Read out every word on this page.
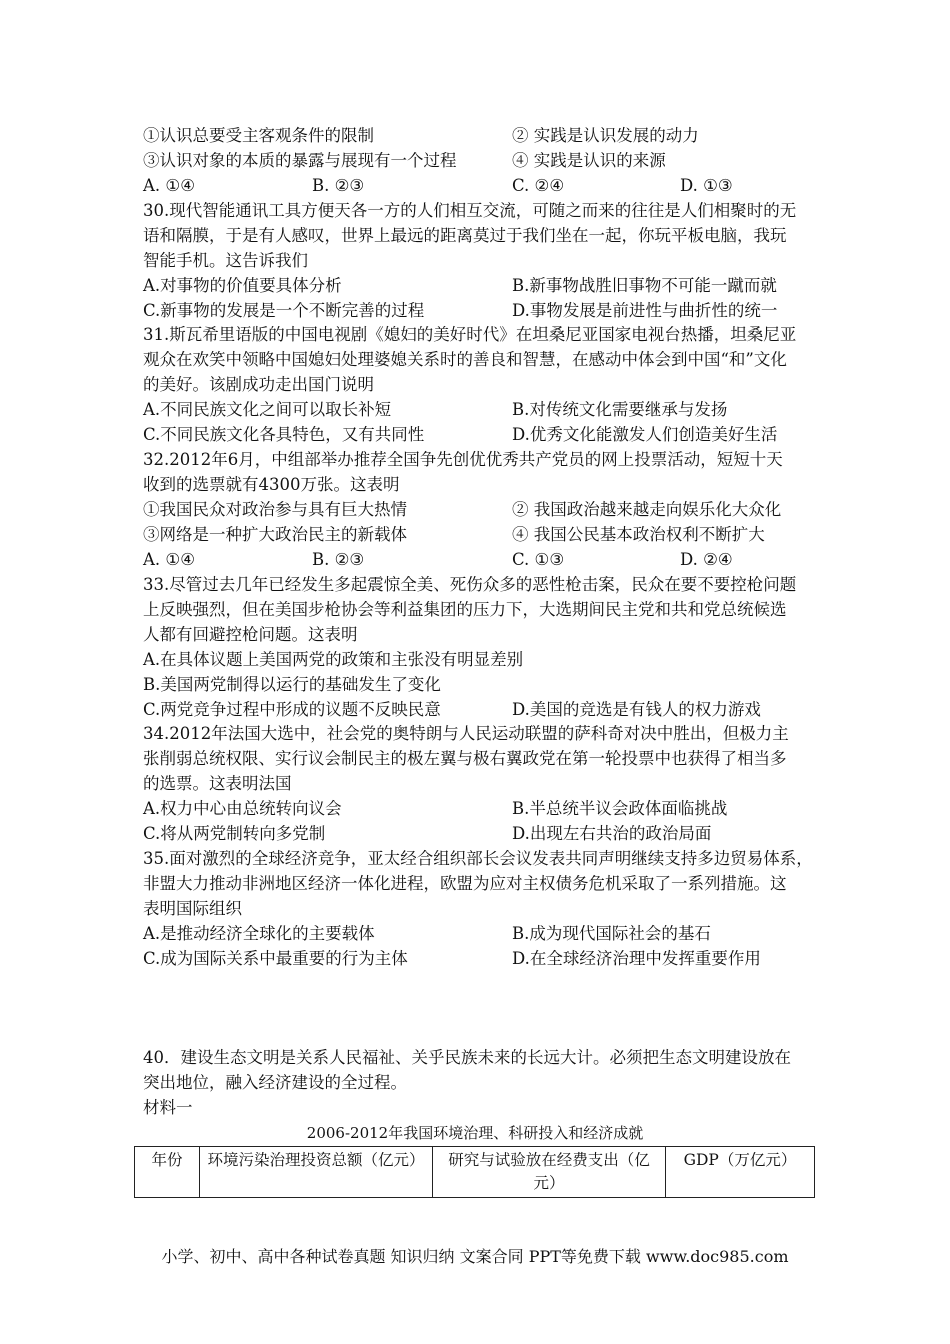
①认识总要受主客观条件的限制	② 实践是认识发展的动力
③认识对象的本质的暴露与展现有一个过程	④ 实践是认识的来源
A. ①④	B. ②③	C. ②④	D. ①③
30.现代智能通讯工具方便天各一方的人们相互交流，可随之而来的往往是人们相聚时的无
语和隔膜，于是有人感叹，世界上最远的距离莫过于我们坐在一起，你玩平板电脑，我玩
智能手机。这告诉我们
A.对事物的价值要具体分析	B.新事物战胜旧事物不可能一蹴而就
C.新事物的发展是一个不断完善的过程	D.事物发展是前进性与曲折性的统一
31.斯瓦希里语版的中国电视剧《媳妇的美好时代》在坦桑尼亚国家电视台热播，坦桑尼亚
观众在欢笑中领略中国媳妇处理婆媳关系时的善良和智慧，在感动中体会到中国“和”文化
的美好。该剧成功走出国门说明
A.不同民族文化之间可以取长补短	B.对传统文化需要继承与发扬
C.不同民族文化各具特色，又有共同性	D.优秀文化能激发人们创造美好生活
32.2012年6月，中组部举办推荐全国争先创优优秀共产党员的网上投票活动，短短十天
收到的选票就有4300万张。这表明
①我国民众对政治参与具有巨大热情	② 我国政治越来越走向娱乐化大众化
③网络是一种扩大政治民主的新载体	④ 我国公民基本政治权利不断扩大
A. ①④	B. ②③	C. ①③	D. ②④
33.尽管过去几年已经发生多起震惊全美、死伤众多的恶性枪击案，民众在要不要控枪问题
上反映强烈，但在美国步枪协会等利益集团的压力下，大选期间民主党和共和党总统候选
人都有回避控枪问题。这表明
A.在具体议题上美国两党的政策和主张没有明显差别
B.美国两党制得以运行的基础发生了变化
C.两党竞争过程中形成的议题不反映民意	D.美国的竞选是有钱人的权力游戏
34.2012年法国大选中，社会党的奥特朗与人民运动联盟的萨科奇对决中胜出，但极力主
张削弱总统权限、实行议会制民主的极左翼与极右翼政党在第一轮投票中也获得了相当多
的选票。这表明法国
A.权力中心由总统转向议会	B.半总统半议会政体面临挑战
C.将从两党制转向多党制	D.出现左右共治的政治局面
35.面对激烈的全球经济竞争，亚太经合组织部长会议发表共同声明继续支持多边贸易体系，
非盟大力推动非洲地区经济一体化进程，欧盟为应对主权债务危机采取了一系列措施。这
表明国际组织
A.是推动经济全球化的主要载体	B.成为现代国际社会的基石
C.成为国际关系中最重要的行为主体	D.在全球经济治理中发挥重要作用
40．建设生态文明是关系人民福祉、关乎民族未来的长远大计。必须把生态文明建设放在
突出地位，融入经济建设的全过程。
材料一
2006-2012年我国环境治理、科研投入和经济成就
年份	环境污染治理投资总额（亿元）	研究与试验放在经费支出（亿元）	GDP（万亿元）
小学、初中、高中各种试卷真题 知识归纳 文案合同 PPT等免费下载 www.doc985.com
